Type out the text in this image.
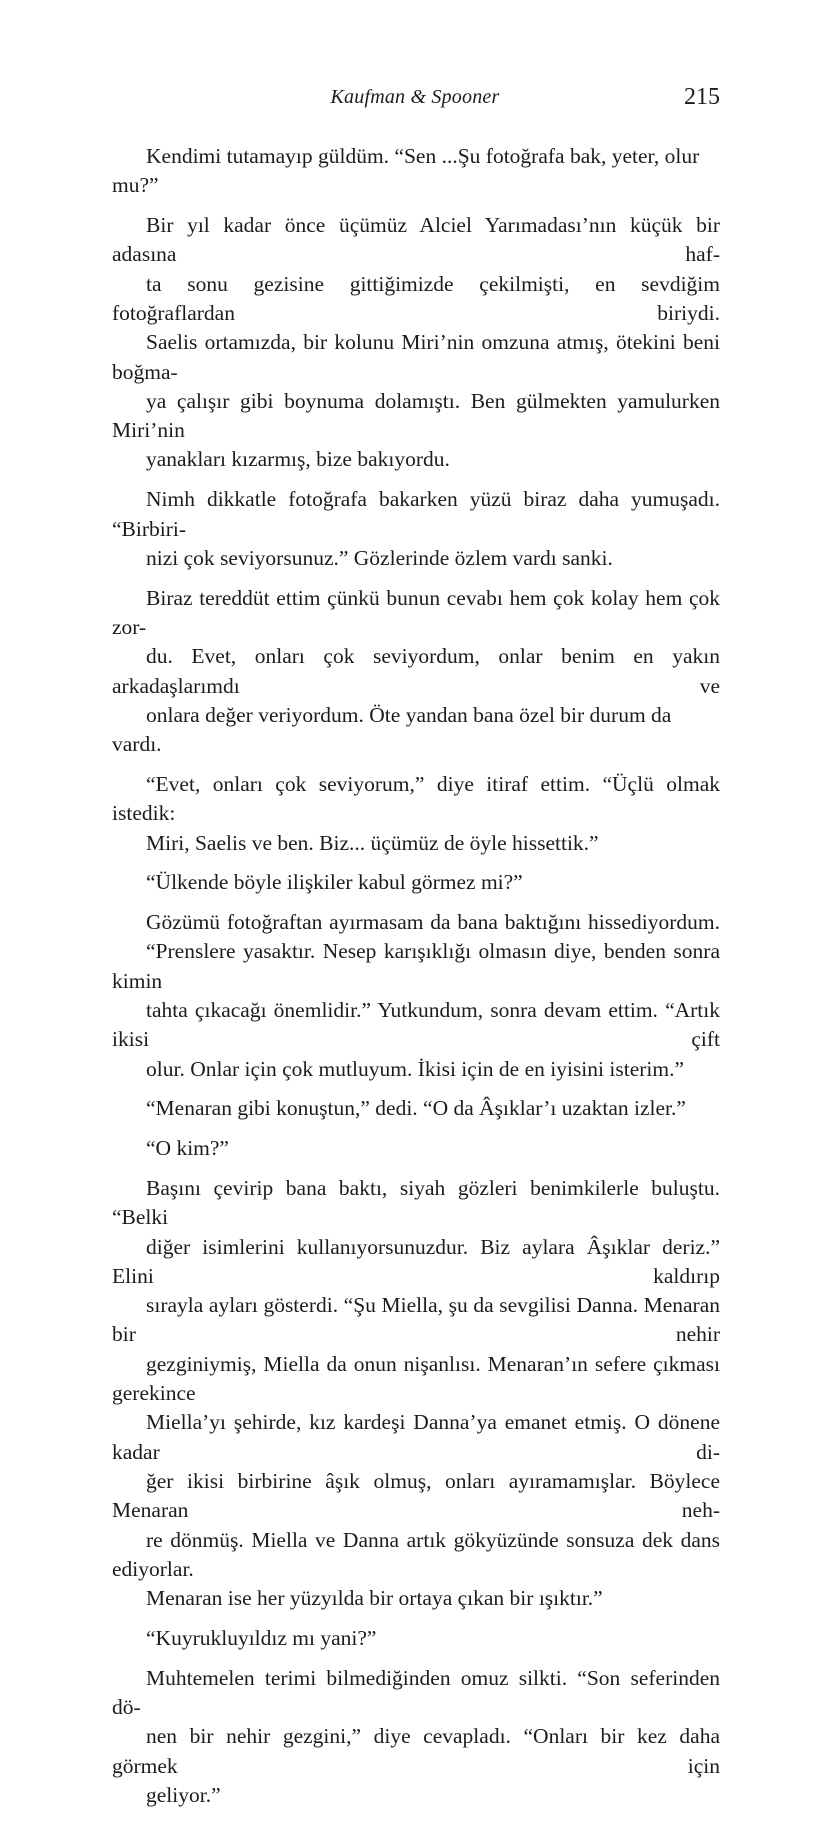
Kaufman & Spooner	215

Kendimi tutamayıp güldüm. “Sen ...Şu fotoğrafa bak, yeter, olur mu?”

Bir yıl kadar önce üçümüz Alciel Yarımadası’nın küçük bir adasına haf-
ta sonu gezisine gittiğimizde çekilmişti, en sevdiğim fotoğraflardan biriydi.
Saelis ortamızda, bir kolunu Miri’nin omzuna atmış, ötekini beni boğma-
ya çalışır gibi boynuma dolamıştı. Ben gülmekten yamulurken Miri’nin
yanakları kızarmış, bize bakıyordu.

Nimh dikkatle fotoğrafa bakarken yüzü biraz daha yumuşadı. “Birbiri-
nizi çok seviyorsunuz.” Gözlerinde özlem vardı sanki.

Biraz tereddüt ettim çünkü bunun cevabı hem çok kolay hem çok zor-
du. Evet, onları çok seviyordum, onlar benim en yakın arkadaşlarımdı ve
onlara değer veriyordum. Öte yandan bana özel bir durum da vardı.

“Evet, onları çok seviyorum,” diye itiraf ettim. “Üçlü olmak istedik:
Miri, Saelis ve ben. Biz... üçümüz de öyle hissettik.”

“Ülkende böyle ilişkiler kabul görmez mi?”

Gözümü fotoğraftan ayırmasam da bana baktığını hissediyordum.
“Prenslere yasaktır. Nesep karışıklığı olmasın diye, benden sonra kimin
tahta çıkacağı önemlidir.” Yutkundum, sonra devam ettim. “Artık ikisi çift
olur. Onlar için çok mutluyum. İkisi için de en iyisini isterim.”

“Menaran gibi konuştun,” dedi. “O da Âşıklar’ı uzaktan izler.”

“O kim?”

Başını çevirip bana baktı, siyah gözleri benimkilerle buluştu. “Belki
diğer isimlerini kullanıyorsunuzdur. Biz aylara Âşıklar deriz.” Elini kaldırıp
sırayla ayları gösterdi. “Şu Miella, şu da sevgilisi Danna. Menaran bir nehir
gezginiymiş, Miella da onun nişanlısı. Menaran’ın sefere çıkması gerekince
Miella’yı şehirde, kız kardeşi Danna’ya emanet etmiş. O dönene kadar di-
ğer ikisi birbirine âşık olmuş, onları ayıramamışlar. Böylece Menaran neh-
re dönmüş. Miella ve Danna artık gökyüzünde sonsuza dek dans ediyorlar.
Menaran ise her yüzyılda bir ortaya çıkan bir ışıktır.”

“Kuyrukluyıldız mı yani?”

Muhtemelen terimi bilmediğinden omuz silkti. “Son seferinden dö-
nen bir nehir gezgini,” diye cevapladı. “Onları bir kez daha görmek için
geliyor.”
